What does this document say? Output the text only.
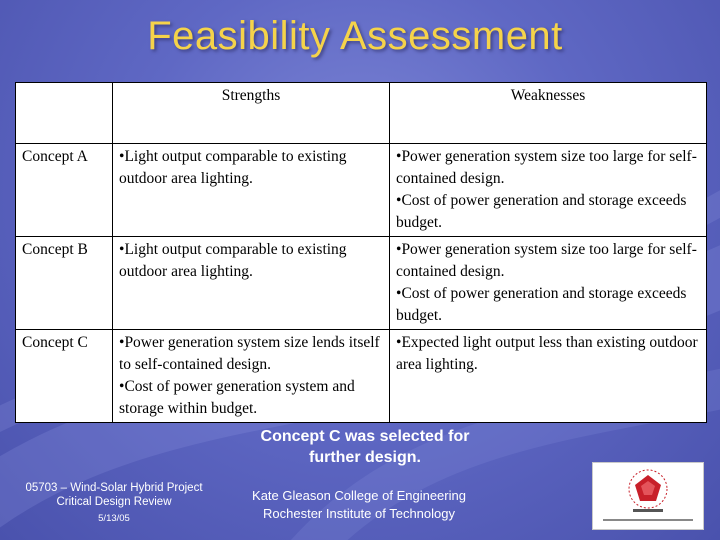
Feasibility Assessment
	Strengths	Weaknesses
Concept A	• Light output comparable to existing outdoor area lighting.	• Power generation system size too large for self-contained design.
• Cost of power generation and storage exceeds budget.

Concept B	• Light output comparable to existing outdoor area lighting.	• Power generation system size too large for self-contained design.
• Cost of power generation and storage exceeds budget.

Concept C	• Power generation system size lends itself to self-contained design.
• Cost of power generation system and storage within budget.	• Expected light output less than existing outdoor area lighting.
Concept C was selected for
further design.
05703 – Wind-Solar Hybrid Project
Critical Design Review
5/13/05
Kate Gleason College of Engineering
Rochester Institute of Technology
